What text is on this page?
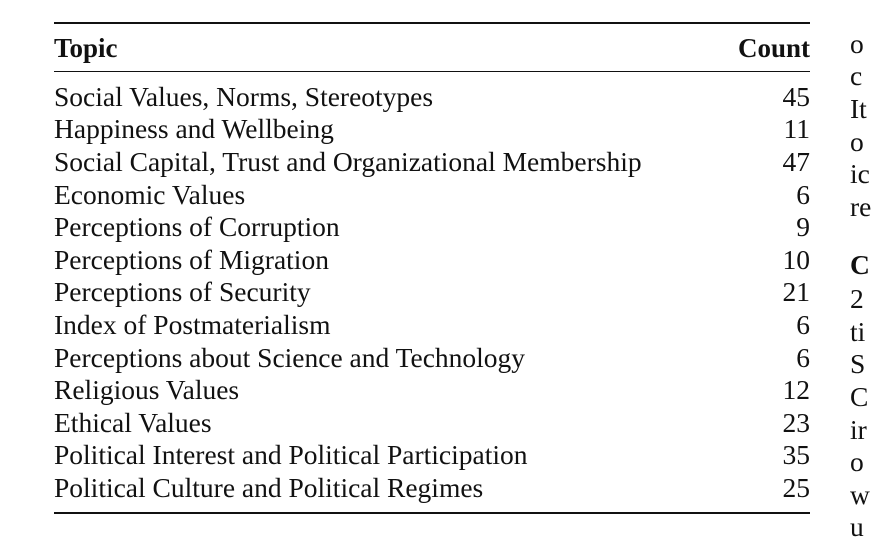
Topic	Count
Social Values, Norms, Stereotypes	45
Happiness and Wellbeing	11
Social Capital, Trust and Organizational Membership	47
Economic Values	6
Perceptions of Corruption	9
Perceptions of Migration	10
Perceptions of Security	21
Index of Postmaterialism	6
Perceptions about Science and Technology	6
Religious Values	12
Ethical Values	23
Political Interest and Political Participation	35
Political Culture and Political Regimes	25
o
c
It
o
ic
re
C
2
ti
S
C
ir
o
w
u
